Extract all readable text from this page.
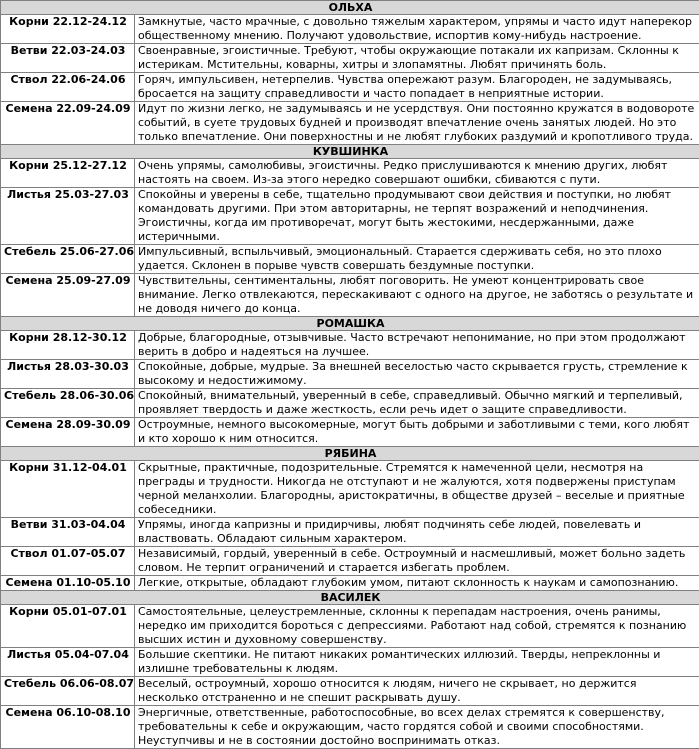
ОЛЬХА	
Корни 22.12-24.12	Замкнутые, часто мрачные, с довольно тяжелым характером, упрямы и часто идут наперекор общественному мнению. Получают удовольствие, испортив кому-нибудь настроение.
Ветви 22.03-24.03	Своенравные, эгоистичные. Требуют, чтобы окружающие потакали их капризам. Склонны к истерикам. Мстительны, коварны, хитры и злопамятны. Любят причинять боль.
Ствол 22.06-24.06	Горяч, импульсивен, нетерпелив. Чувства опережают разум. Благороден, не задумываясь, бросается на защиту справедливости и часто попадает в неприятные истории.
Семена 22.09-24.09	Идут по жизни легко, не задумываясь и не усердствуя. Они постоянно кружатся в водовороте событий, в суете трудовых будней и производят впечатление очень занятых людей. Но это только впечатление. Они поверхностны и не любят глубоких раздумий и кропотливого труда.
КУВШИНКА	
Корни 25.12-27.12	Очень упрямы, самолюбивы, эгоистичны. Редко прислушиваются к мнению других, любят настоять на своем. Из-за этого нередко совершают ошибки, сбиваются с пути.
Листья 25.03-27.03	Спокойны и уверены в себе, тщательно продумывают свои действия и поступки, но любят командовать другими. При этом авторитарны, не терпят возражений и неподчинения. Эгоистичны, когда им противоречат, могут быть жестокими, несдержанными, даже истеричными.
Стебель 25.06-27.06	Импульсивный, вспыльчивый, эмоциональный. Старается сдерживать себя, но это плохо удается. Склонен в порыве чувств совершать бездумные поступки.
Семена 25.09-27.09	Чувствительны, сентиментальны, любят поговорить. Не умеют концентрировать свое внимание. Легко отвлекаются, перескакивают с одного на другое, не заботясь о результате и не доводя ничего до конца.
РОМАШКА	
Корни 28.12-30.12	Добрые, благородные, отзывчивые. Часто встречают непонимание, но при этом продолжают верить в добро и надеяться на лучшее.
Листья 28.03-30.03	Спокойные, добрые, мудрые. За внешней веселостью часто скрывается грусть, стремление к высокому и недостижимому.
Стебель 28.06-30.06	Спокойный, внимательный, уверенный в себе, справедливый. Обычно мягкий и терпеливый, проявляет твердость и даже жесткость, если речь идет о защите справедливости.
Семена 28.09-30.09	Остроумные, немного высокомерные, могут быть добрыми и заботливыми с теми, кого любят и кто хорошо к ним относится.
РЯБИНА	
Корни 31.12-04.01	Скрытные, практичные, подозрительные. Стремятся к намеченной цели, несмотря на преграды и трудности. Никогда не отступают и не жалуются, хотя подвержены приступам черной меланхолии. Благородны, аристократичны, в обществе друзей – веселые и приятные собеседники.
Ветви 31.03-04.04	Упрямы, иногда капризны и придирчивы, любят подчинять себе людей, повелевать и властвовать. Обладают сильным характером.
Ствол 01.07-05.07	Независимый, гордый, уверенный в себе. Остроумный и насмешливый, может больно задеть словом. Не терпит ограничений и старается избегать проблем.
Семена 01.10-05.10	Легкие, открытые, обладают глубоким умом, питают склонность к наукам и самопознанию.
ВАСИЛЕК	
Корни 05.01-07.01	Самостоятельные, целеустремленные, склонны к перепадам настроения, очень ранимы, нередко им приходится бороться с депрессиями. Работают над собой, стремятся к познанию высших истин и духовному совершенству.
Листья 05.04-07.04	Большие скептики. Не питают никаких романтических иллюзий. Тверды, непреклонны и излишне требовательны к людям.
Стебель 06.06-08.07	Веселый, остроумный, хорошо относится к людям, ничего не скрывает, но держится несколько отстраненно и не спешит раскрывать душу.
Семена 06.10-08.10	Энергичные, ответственные, работоспособные, во всех делах стремятся к совершенству, требовательны к себе и окружающим, часто гордятся собой и своими способностями. Неуступчивы и не в состоянии достойно воспринимать отказ.
